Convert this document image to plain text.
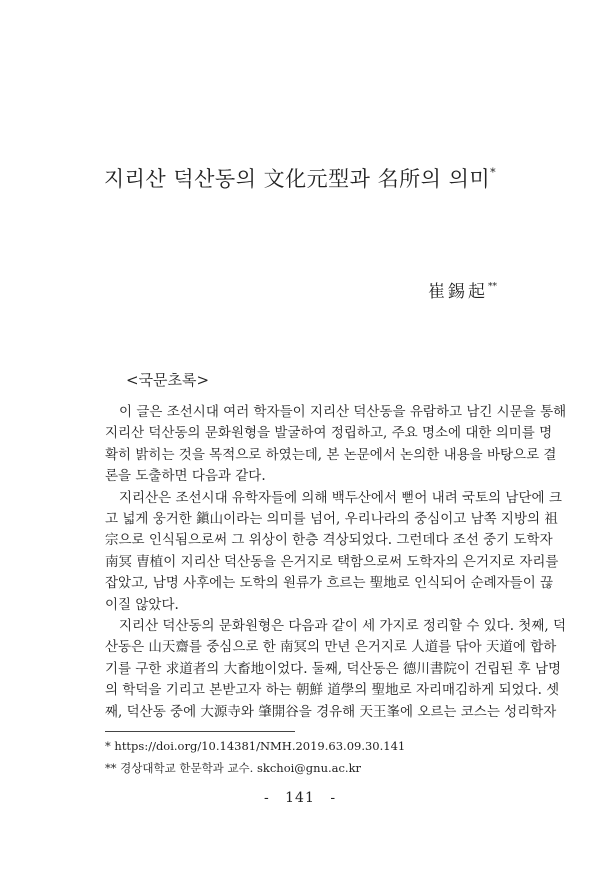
지리산 덕산동의 文化元型과 名所의 의미*
崔錫起**
<국문초록>
이 글은 조선시대 여러 학자들이 지리산 덕산동을 유람하고 남긴 시문을 통해
지리산 덕산동의 문화원형을 발굴하여 정립하고, 주요 명소에 대한 의미를 명
확히 밝히는 것을 목적으로 하였는데, 본 논문에서 논의한 내용을 바탕으로 결
론을 도출하면 다음과 같다.
지리산은 조선시대 유학자들에 의해 백두산에서 뻗어 내려 국토의 남단에 크
고 넓게 웅거한 鎭山이라는 의미를 넘어, 우리나라의 중심이고 남쪽 지방의 祖
宗으로 인식됨으로써 그 위상이 한층 격상되었다. 그런데다 조선 중기 도학자
南冥 曺植이 지리산 덕산동을 은거지로 택함으로써 도학자의 은거지로 자리를
잡았고, 남명 사후에는 도학의 원류가 흐르는 聖地로 인식되어 순례자들이 끊
이질 않았다.
지리산 덕산동의 문화원형은 다음과 같이 세 가지로 정리할 수 있다. 첫째, 덕
산동은 山天齋를 중심으로 한 南冥의 만년 은거지로 人道를 닦아 天道에 합하
기를 구한 求道者의 大畜地이었다. 둘째, 덕산동은 德川書院이 건립된 후 남명
의 학덕을 기리고 본받고자 하는 朝鮮 道學의 聖地로 자리매김하게 되었다. 셋
째, 덕산동 중에 大源寺와 肇開谷을 경유해 天王峯에 오르는 코스는 성리학자
* https://doi.org/10.14381/NMH.2019.63.09.30.141
** 경상대학교 한문학과 교수. skchoi@gnu.ac.kr
- 141 -
